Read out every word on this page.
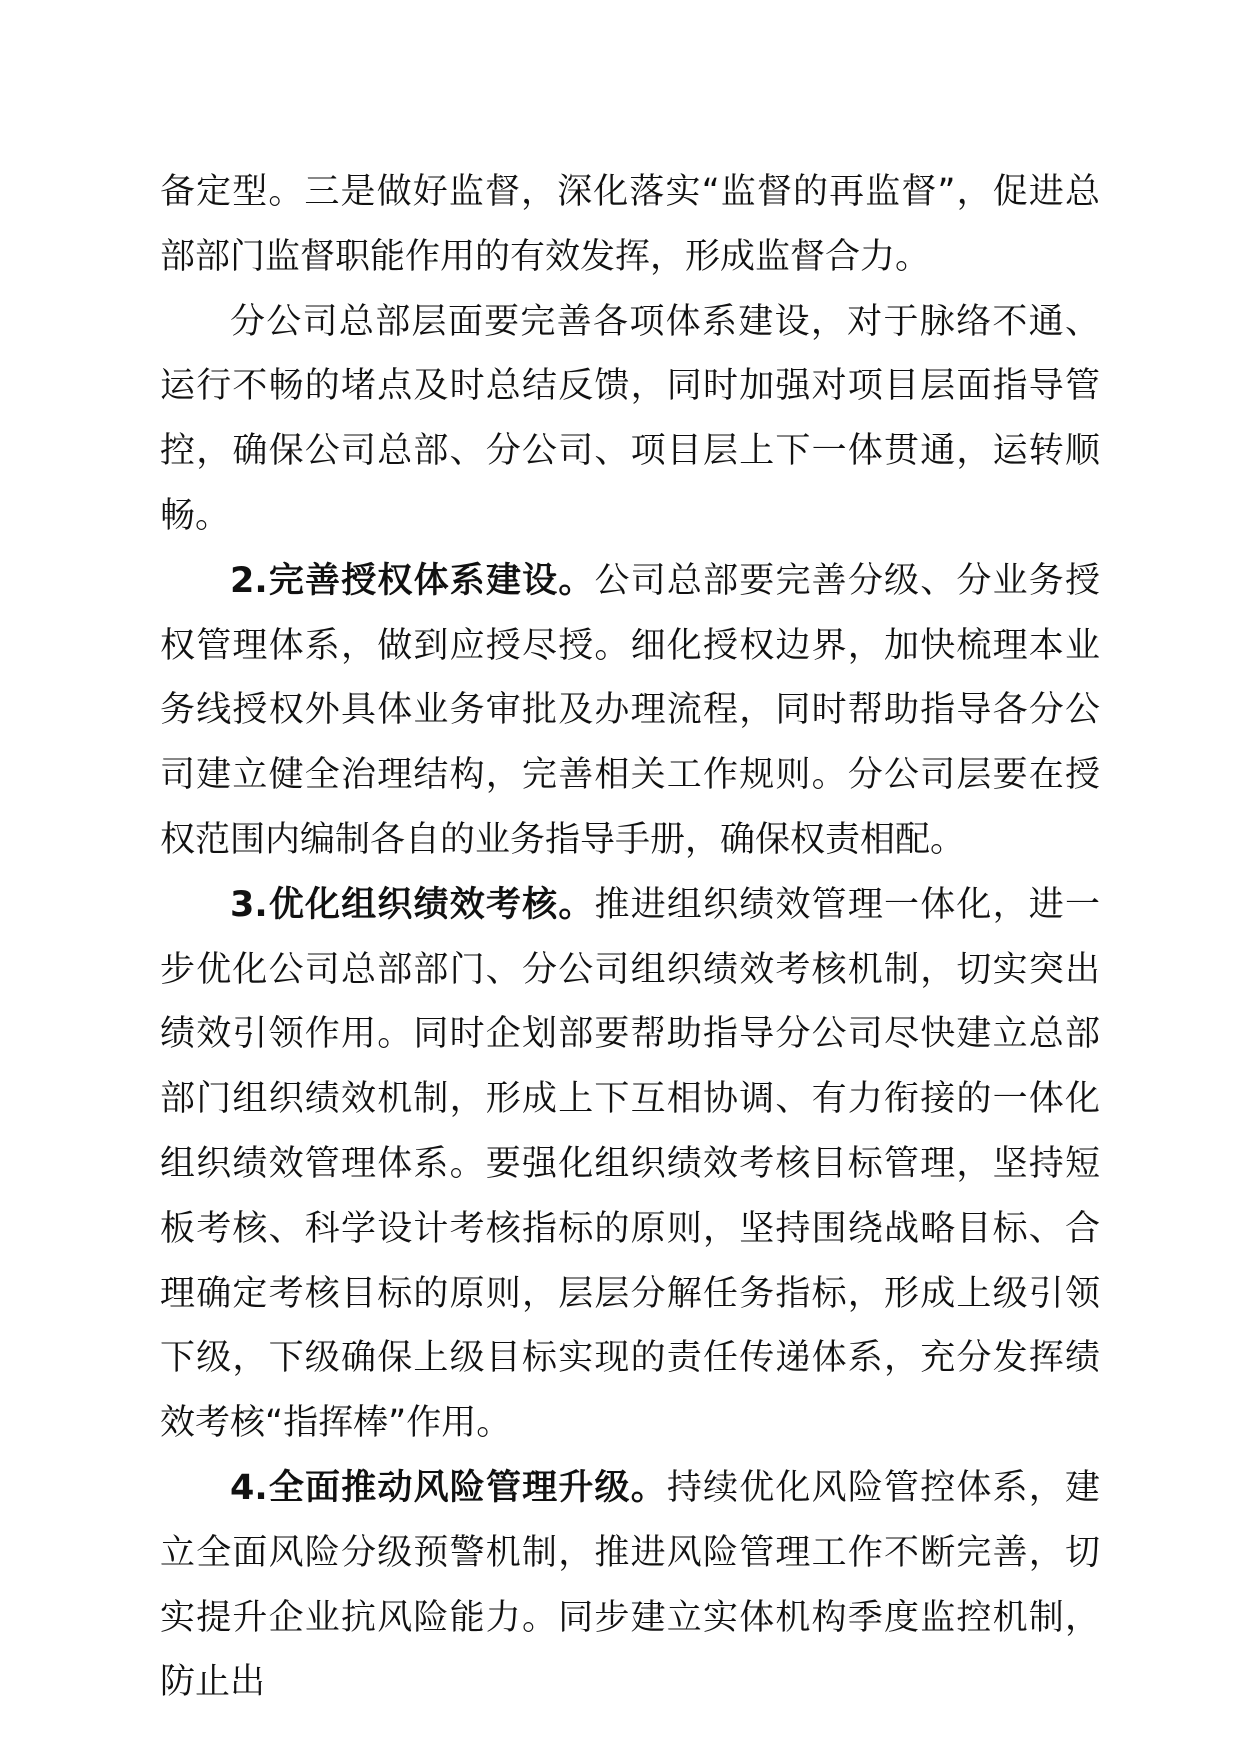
备定型。三是做好监督，深化落实“监督的再监督”，促进总部部门监督职能作用的有效发挥，形成监督合力。

分公司总部层面要完善各项体系建设，对于脉络不通、运行不畅的堵点及时总结反馈，同时加强对项目层面指导管控，确保公司总部、分公司、项目层上下一体贯通，运转顺畅。

2.完善授权体系建设。公司总部要完善分级、分业务授权管理体系，做到应授尽授。细化授权边界，加快梳理本业务线授权外具体业务审批及办理流程，同时帮助指导各分公司建立健全治理结构，完善相关工作规则。分公司层要在授权范围内编制各自的业务指导手册，确保权责相配。

3.优化组织绩效考核。推进组织绩效管理一体化，进一步优化公司总部部门、分公司组织绩效考核机制，切实突出绩效引领作用。同时企划部要帮助指导分公司尽快建立总部部门组织绩效机制，形成上下互相协调、有力衔接的一体化组织绩效管理体系。要强化组织绩效考核目标管理，坚持短板考核、科学设计考核指标的原则，坚持围绕战略目标、合理确定考核目标的原则，层层分解任务指标，形成上级引领下级，下级确保上级目标实现的责任传递体系，充分发挥绩效考核“指挥棒”作用。

4.全面推动风险管理升级。持续优化风险管控体系，建立全面风险分级预警机制，推进风险管理工作不断完善，切实提升企业抗风险能力。同步建立实体机构季度监控机制，防止出
